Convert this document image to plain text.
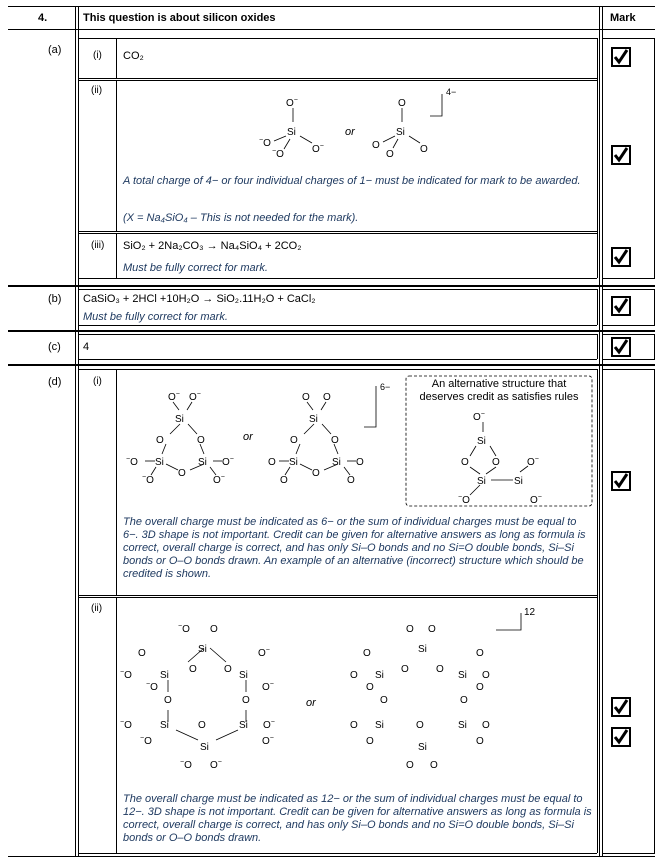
4.	This question is about silicon oxides	Mark
(a)	(i) CO₂
(ii)
O−
Si
−O
O−
−O
or
O
Si
O	O
O
4−
A total charge of 4− or four individual charges of 1− must be indicated for mark to be awarded.
(X = Na₄SiO₄ – This is not needed for the mark).
(iii) SiO₂ + 2Na₂CO₃ → Na₄SiO₄ + 2CO₂
Must be fully correct for mark.
(b) CaSiO₃ + 2HCl +10H₂O → SiO₂.11H₂O + CaCl₂
Must be fully correct for mark.
(c) 4
(d)	(i)
O− O−
Si
O	O
Si	Si
O
−O	O−
−O	O−
or
O O
Si
O	O
Si	Si
O
O	O
O	O
6−	An alternative structure that
deserves credit as satisfies rules
O−
Si
O O
Si	Si
O−
−O	O−
The overall charge must be indicated as 6− or the sum of individual charges must be equal to 6−. 3D shape is not important. Credit can be given for alternative answers as long as formula is correct, overall charge is correct, and has only Si–O bonds and no Si=O double bonds, Si–Si bonds or O–O bonds drawn. An example of an alternative (incorrect) structure which should be credited is shown.
(ii)
−O O
Si
O	O−
−O	Si
O	O
Si
−O	O−
O	O
−O	Si	O	Si O−
−O	O−
Si
−O O−
or
O O
Si
O	O
O Si
O	O
Si O
O	O
O	O
O Si	O	Si O
O	O
Si
O O
12
The overall charge must be indicated as 12− or the sum of individual charges must be equal to 12−. 3D shape is not important. Credit can be given for alternative answers as long as formula is correct, overall charge is correct, and has only Si–O bonds and no Si=O double bonds, Si–Si bonds or O–O bonds drawn.
